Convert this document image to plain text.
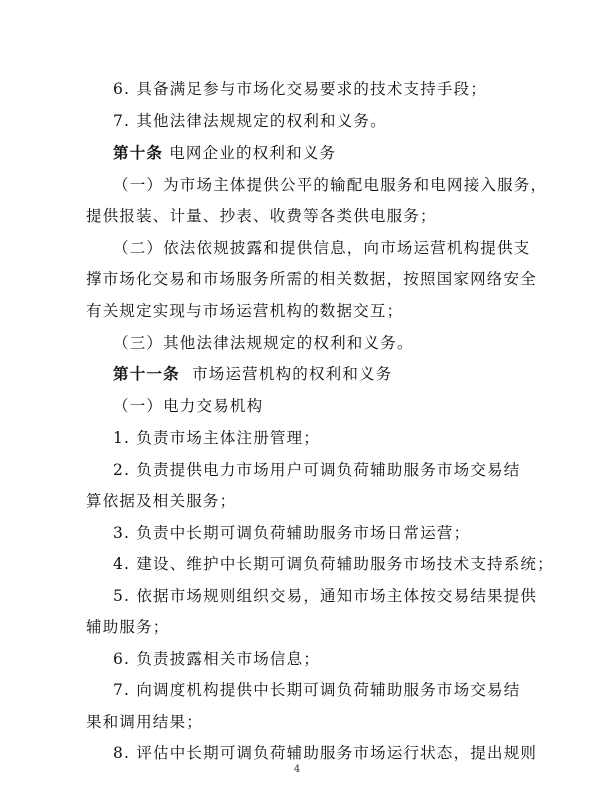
6. 具备满足参与市场化交易要求的技术支持手段；
7. 其他法律法规规定的权利和义务。
第十条 电网企业的权利和义务
（一）为市场主体提供公平的输配电服务和电网接入服务，
提供报装、计量、抄表、收费等各类供电服务；
（二）依法依规披露和提供信息，向市场运营机构提供支
撑市场化交易和市场服务所需的相关数据，按照国家网络安全
有关规定实现与市场运营机构的数据交互；
（三）其他法律法规规定的权利和义务。
第十一条  市场运营机构的权利和义务
（一）电力交易机构
1. 负责市场主体注册管理；
2. 负责提供电力市场用户可调负荷辅助服务市场交易结
算依据及相关服务；
3. 负责中长期可调负荷辅助服务市场日常运营；
4. 建设、维护中长期可调负荷辅助服务市场技术支持系统；
5. 依据市场规则组织交易，通知市场主体按交易结果提供
辅助服务；
6. 负责披露相关市场信息；
7. 向调度机构提供中长期可调负荷辅助服务市场交易结
果和调用结果；
8. 评估中长期可调负荷辅助服务市场运行状态，提出规则
4
